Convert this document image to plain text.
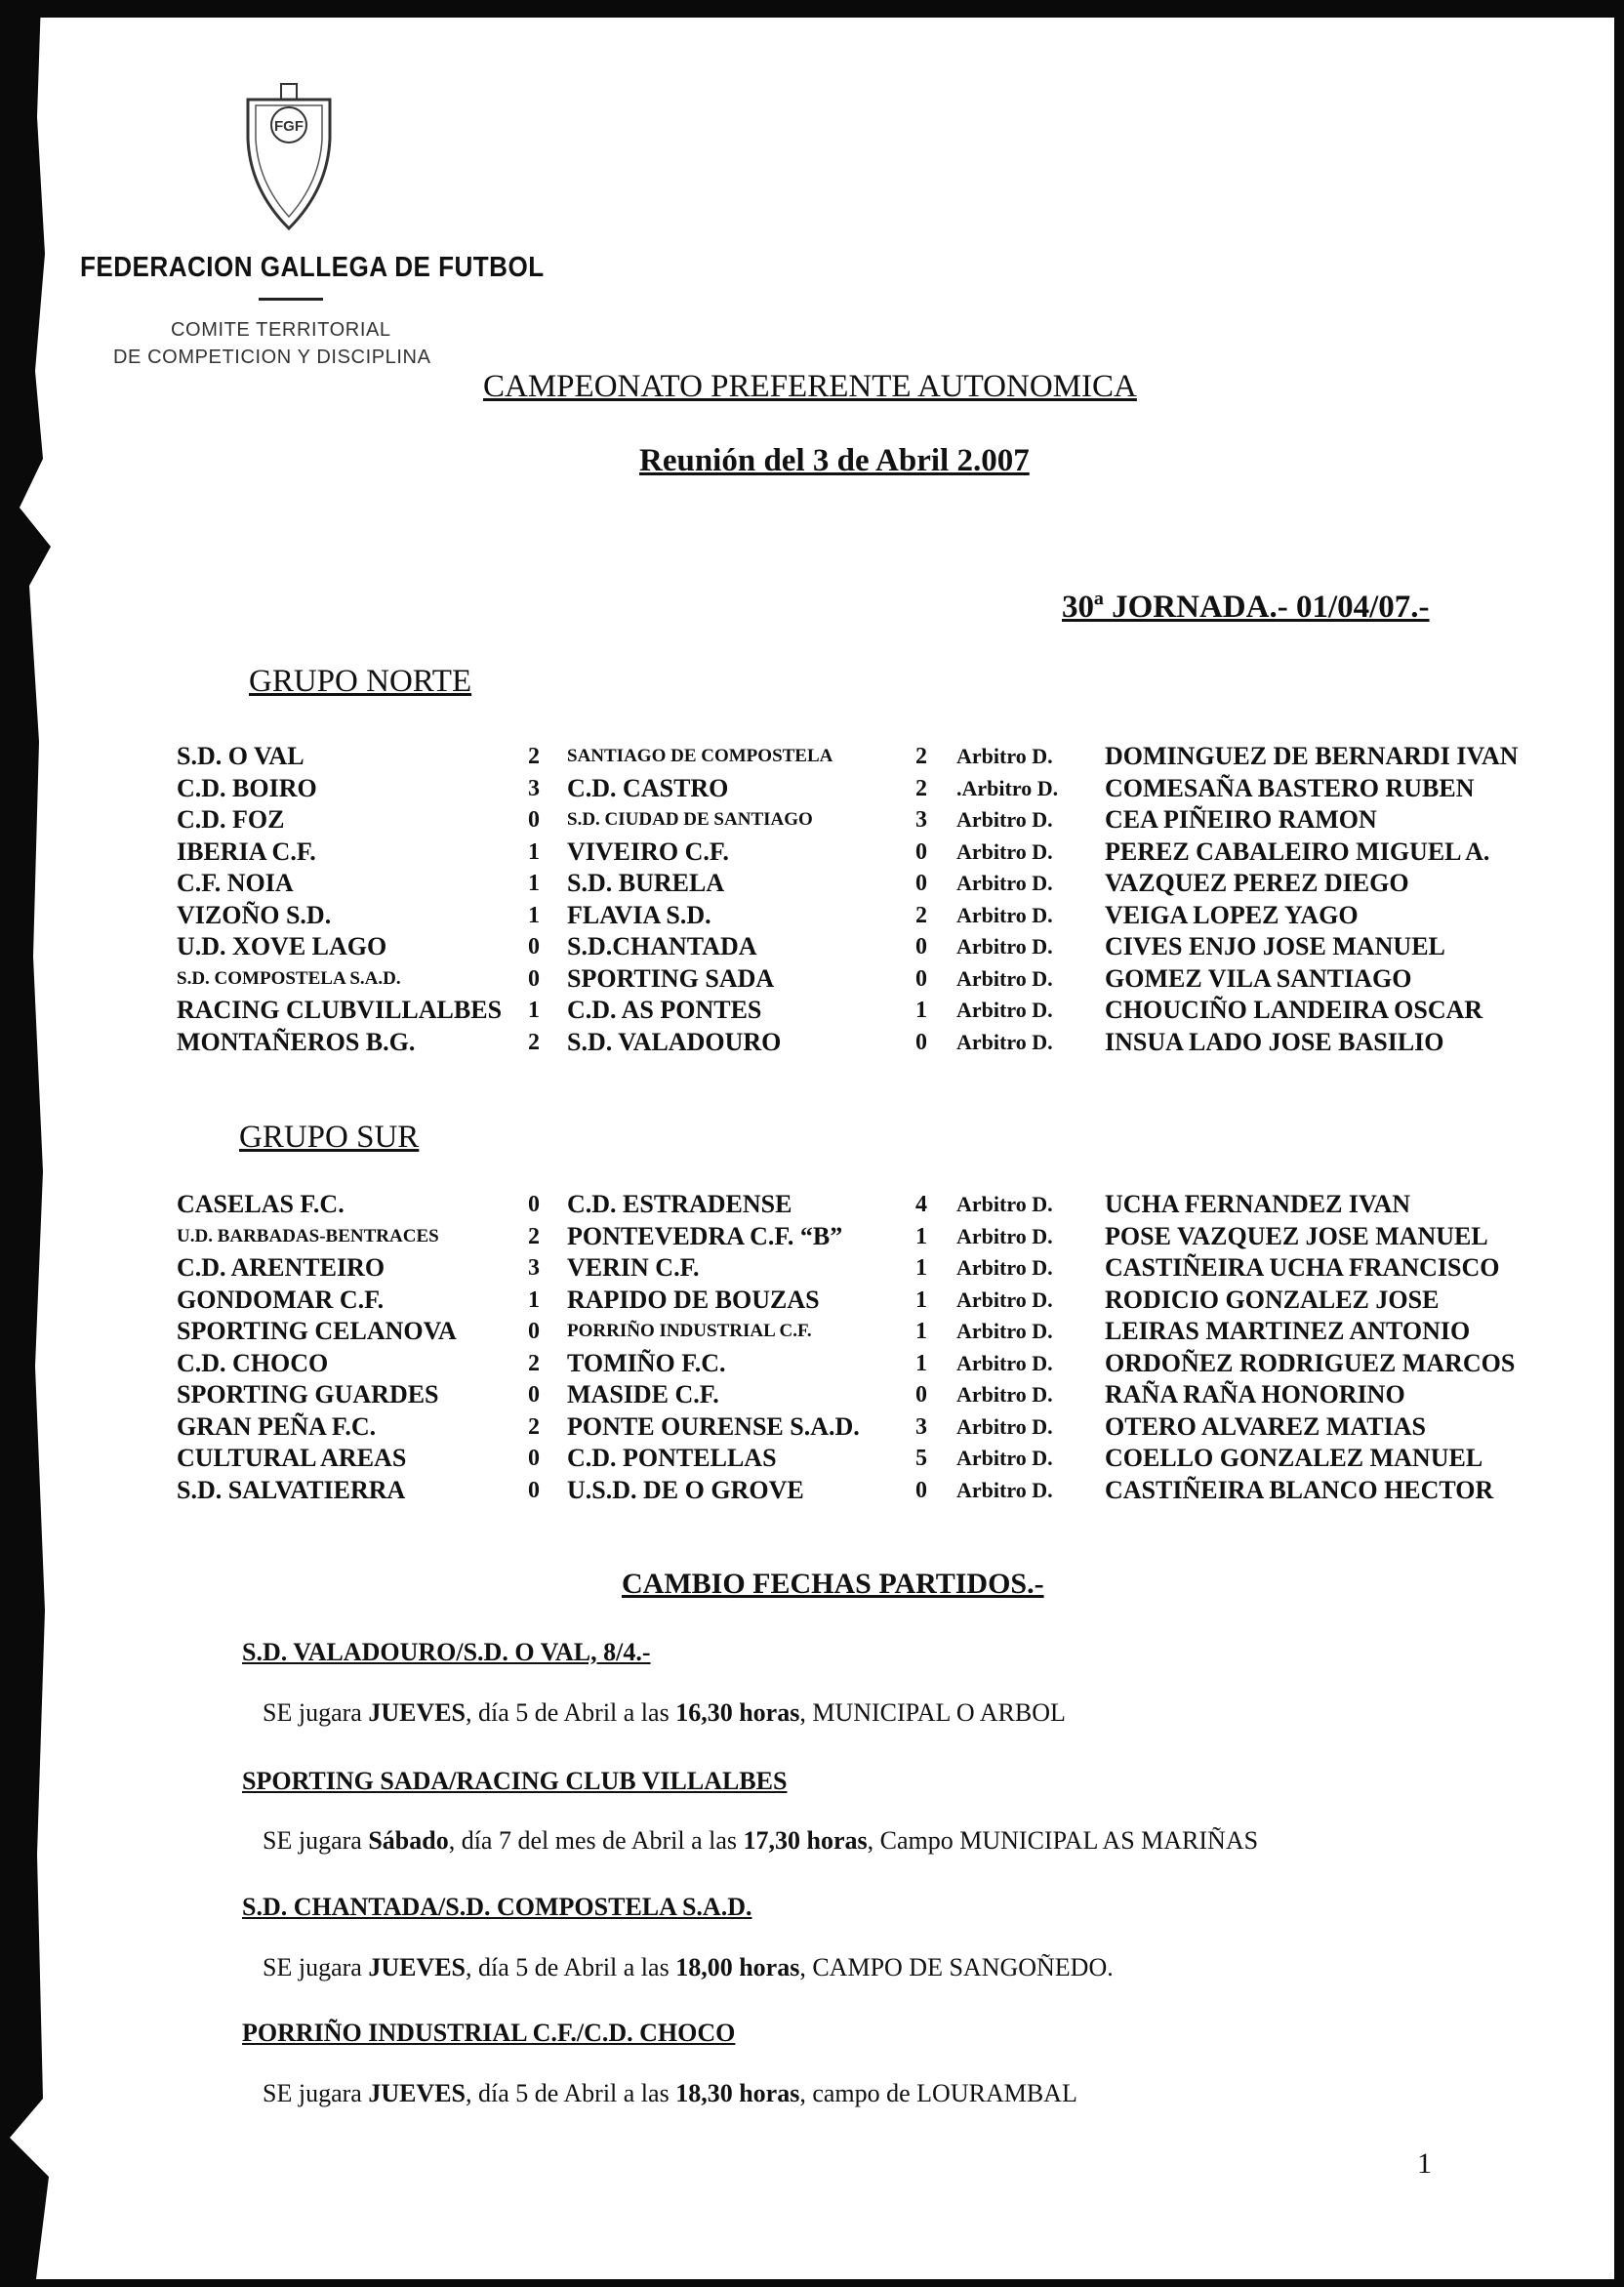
FGF
FEDERACION GALLEGA DE FUTBOL
COMITE TERRITORIAL
DE COMPETICION Y DISCIPLINA
CAMPEONATO PREFERENTE AUTONOMICA
Reunión del 3 de Abril 2.007
30ª JORNADA.- 01/04/07.-
GRUPO NORTE
S.D. O VAL	2 SANTIAGO DE COMPOSTELA	2 Arbitro D. DOMINGUEZ DE BERNARDI IVAN
C.D. BOIRO	3 C.D. CASTRO	2 .Arbitro D. COMESAÑA BASTERO RUBEN
C.D. FOZ	0 S.D. CIUDAD DE SANTIAGO	3 Arbitro D. CEA PIÑEIRO RAMON
IBERIA C.F.	1 VIVEIRO C.F.	0 Arbitro D. PEREZ CABALEIRO MIGUEL A.
C.F. NOIA	1 S.D. BURELA	0 Arbitro D. VAZQUEZ PEREZ DIEGO
VIZOÑO S.D.	1 FLAVIA S.D.	2 Arbitro D. VEIGA LOPEZ YAGO
U.D. XOVE LAGO	0 S.D.CHANTADA	0 Arbitro D. CIVES ENJO JOSE MANUEL
S.D. COMPOSTELA S.A.D.	0 SPORTING SADA	0 Arbitro D. GOMEZ VILA SANTIAGO
RACING CLUBVILLALBES 1 C.D. AS PONTES	1 Arbitro D. CHOUCIÑO LANDEIRA OSCAR
MONTAÑEROS B.G.	2 S.D. VALADOURO	0 Arbitro D. INSUA LADO JOSE BASILIO
GRUPO SUR
CASELAS F.C.	0 C.D. ESTRADENSE	4 Arbitro D. UCHA FERNANDEZ IVAN
U.D. BARBADAS-BENTRACES	2 PONTEVEDRA C.F. “B”	1 Arbitro D. POSE VAZQUEZ JOSE MANUEL
C.D. ARENTEIRO	3 VERIN C.F.	1 Arbitro D. CASTIÑEIRA UCHA FRANCISCO
GONDOMAR C.F.	1 RAPIDO DE BOUZAS	1 Arbitro D. RODICIO GONZALEZ JOSE
SPORTING CELANOVA	0 PORRIÑO INDUSTRIAL C.F.	1 Arbitro D. LEIRAS MARTINEZ ANTONIO
C.D. CHOCO	2 TOMIÑO F.C.	1 Arbitro D. ORDOÑEZ RODRIGUEZ MARCOS
SPORTING GUARDES	0 MASIDE C.F.	0 Arbitro D. RAÑA RAÑA HONORINO
GRAN PEÑA F.C.	2 PONTE OURENSE S.A.D. 3 Arbitro D. OTERO ALVAREZ MATIAS
CULTURAL AREAS	0 C.D. PONTELLAS	5 Arbitro D. COELLO GONZALEZ MANUEL
S.D. SALVATIERRA	0 U.S.D. DE O GROVE	0 Arbitro D. CASTIÑEIRA BLANCO HECTOR
CAMBIO FECHAS PARTIDOS.-
S.D. VALADOURO/S.D. O VAL, 8/4.-
SE jugara JUEVES, día 5 de Abril a las 16,30 horas, MUNICIPAL O ARBOL
SPORTING SADA/RACING CLUB VILLALBES
SE jugara Sábado, día 7 del mes de Abril a las 17,30 horas, Campo MUNICIPAL AS MARIÑAS
S.D. CHANTADA/S.D. COMPOSTELA S.A.D.
SE jugara JUEVES, día 5 de Abril a las 18,00 horas, CAMPO DE SANGOÑEDO.
PORRIÑO INDUSTRIAL C.F./C.D. CHOCO
SE jugara JUEVES, día 5 de Abril a las 18,30 horas, campo de LOURAMBAL
1
